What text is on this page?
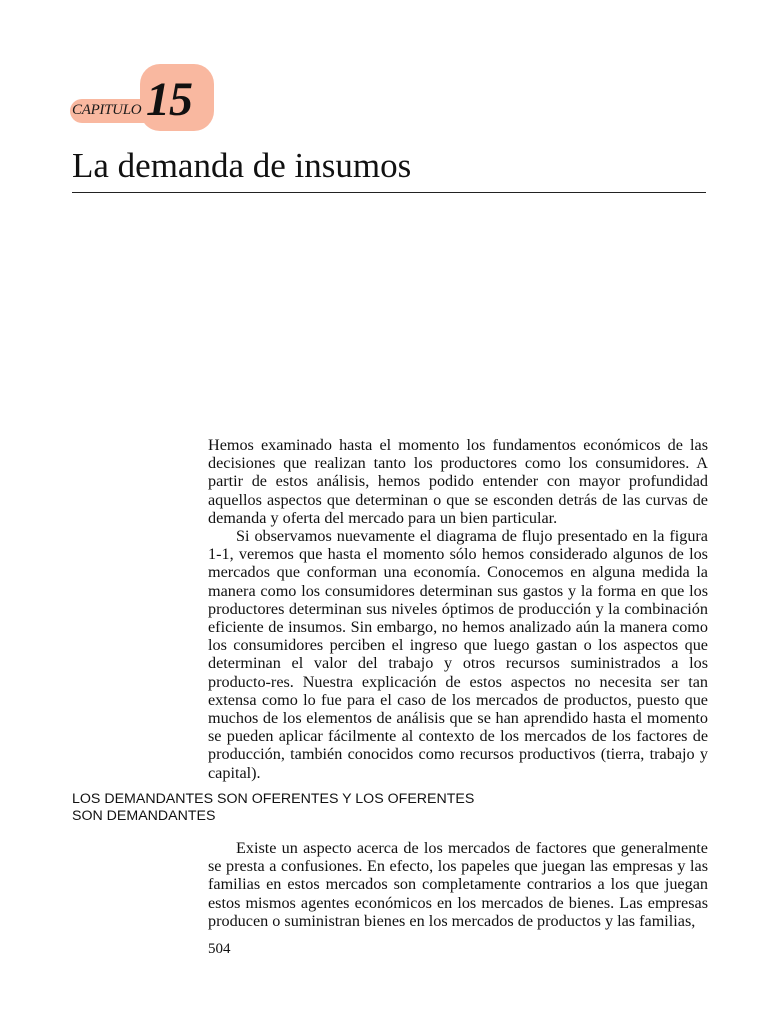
CAPITULO 15
La demanda de insumos

Hemos examinado hasta el momento los fundamentos económicos de las decisiones que realizan tanto los productores como los consumidores. A partir de estos análisis, hemos podido entender con mayor profundidad aquellos aspectos que determinan o que se esconden detrás de las curvas de demanda y oferta del mercado para un bien particular.

Si observamos nuevamente el diagrama de flujo presentado en la figura 1-1, veremos que hasta el momento sólo hemos considerado algunos de los mercados que conforman una economía. Conocemos en alguna medida la manera como los consumidores determinan sus gastos y la forma en que los productores determinan sus niveles óptimos de producción y la combinación eficiente de insumos. Sin embargo, no hemos analizado aún la manera como los consumidores perciben el ingreso que luego gastan o los aspectos que determinan el valor del trabajo y otros recursos suministrados a los producto-res. Nuestra explicación de estos aspectos no necesita ser tan extensa como lo fue para el caso de los mercados de productos, puesto que muchos de los elementos de análisis que se han aprendido hasta el momento se pueden aplicar fácilmente al contexto de los mercados de los factores de producción, también conocidos como recursos productivos (tierra, trabajo y capital).

LOS DEMANDANTES SON OFERENTES Y LOS OFERENTES
SON DEMANDANTES

Existe un aspecto acerca de los mercados de factores que generalmente se presta a confusiones. En efecto, los papeles que juegan las empresas y las familias en estos mercados son completamente contrarios a los que juegan estos mismos agentes económicos en los mercados de bienes. Las empresas producen o suministran bienes en los mercados de productos y las familias,

504
